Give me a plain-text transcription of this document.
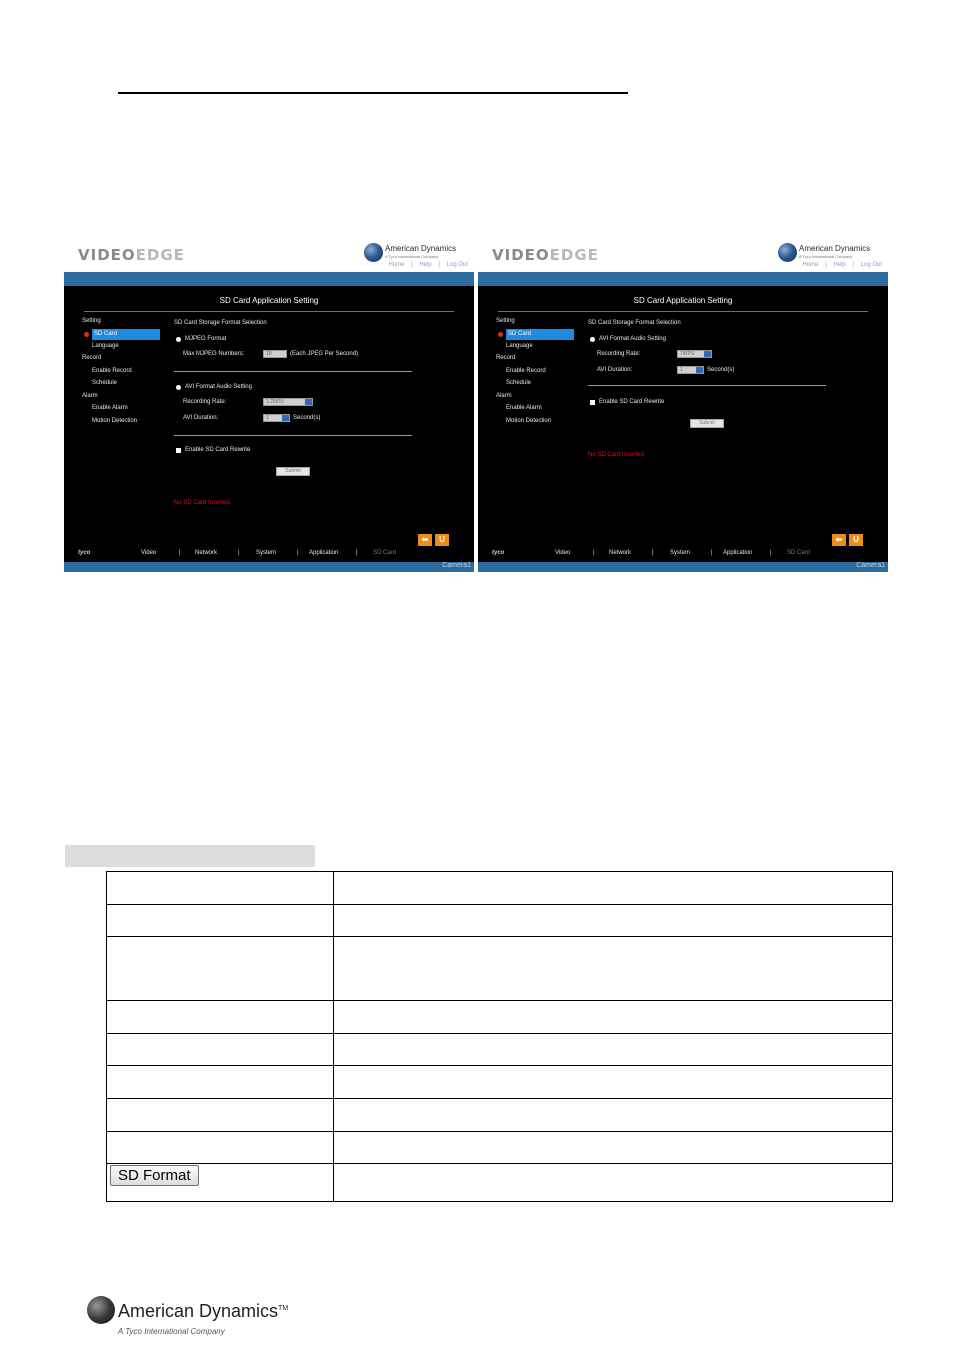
VIDEOEDGE	American Dynamics
A Tyco International Company
Home | Help | Log Out
SD Card Application Setting
Setting
SD Card
Language
Record
Enable Record
Schedule
Alarm
Enable Alarm
Motion Detection
SD Card Storage Format Selection
MJPEG Format
Max MJPEG Numbers:	10	(Each JPEG Per Second)
AVI Format Audio Setting
Recording Rate:	1.25f/15
AVI Duration:	1	Second(s)
Enable SD Card Rewrite
Submit
No SD Card Inserted.
⬅	U
tyco	Video	| Network	|	System	| Application	|	SD Card
Camera1
VIDEOEDGE	American Dynamics
A Tyco International Company
Home | Help | Log Out
SD Card Application Setting
Setting
SD Card
Language
Record
Enable Record
Schedule
Alarm
Enable Alarm
Motion Detection
SD Card Storage Format Selection
AVI Format Audio Setting
Recording Rate:	7WPS
AVI Duration:	1	Second(s)
Enable SD Card Rewrite
Submit
No SD Card Inserted.
⬅	U
tyco	Video	| Network	|	System	| Application	|	SD Card
Camera1

SD Format	
American Dynamics™
A Tyco International Company
